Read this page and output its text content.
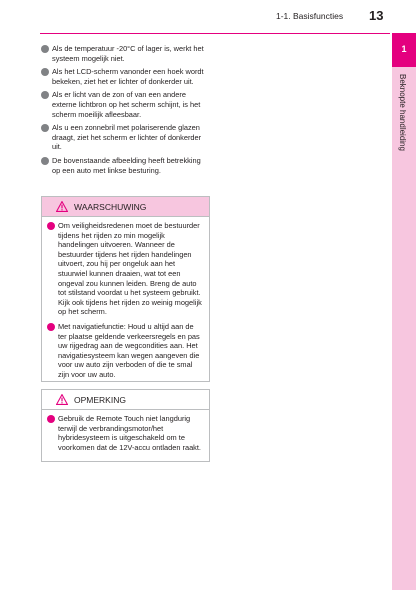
1-1. Basisfuncties 13
1
Beknopte handleiding
Als de temperatuur -20°C of lager is, werkt het systeem mogelijk niet.
Als het LCD-scherm vanonder een hoek wordt bekeken, ziet het er lichter of donkerder uit.
Als er licht van de zon of van een andere externe lichtbron op het scherm schijnt, is het scherm moeilijk afleesbaar.
Als u een zonnebril met polariserende glazen draagt, ziet het scherm er lichter of donkerder uit.
De bovenstaande afbeelding heeft betrekking op een auto met linkse besturing.
WAARSCHUWING
Om veiligheidsredenen moet de bestuurder tijdens het rijden zo min mogelijk handelingen uitvoeren. Wanneer de bestuurder tijdens het rijden handelingen uitvoert, zou hij per ongeluk aan het stuurwiel kunnen draaien, wat tot een ongeval zou kunnen leiden. Breng de auto tot stilstand voordat u het systeem gebruikt. Kijk ook tijdens het rijden zo weinig mogelijk op het scherm.
Met navigatiefunctie: Houd u altijd aan de ter plaatse geldende verkeersregels en pas uw rijgedrag aan de wegcondities aan. Het navigatiesysteem kan wegen aangeven die voor uw auto zijn verboden of die te smal zijn voor uw auto.
OPMERKING
Gebruik de Remote Touch niet langdurig terwijl de verbrandingsmotor/het hybridesysteem is uitgeschakeld om te voorkomen dat de 12V-accu ontladen raakt.
